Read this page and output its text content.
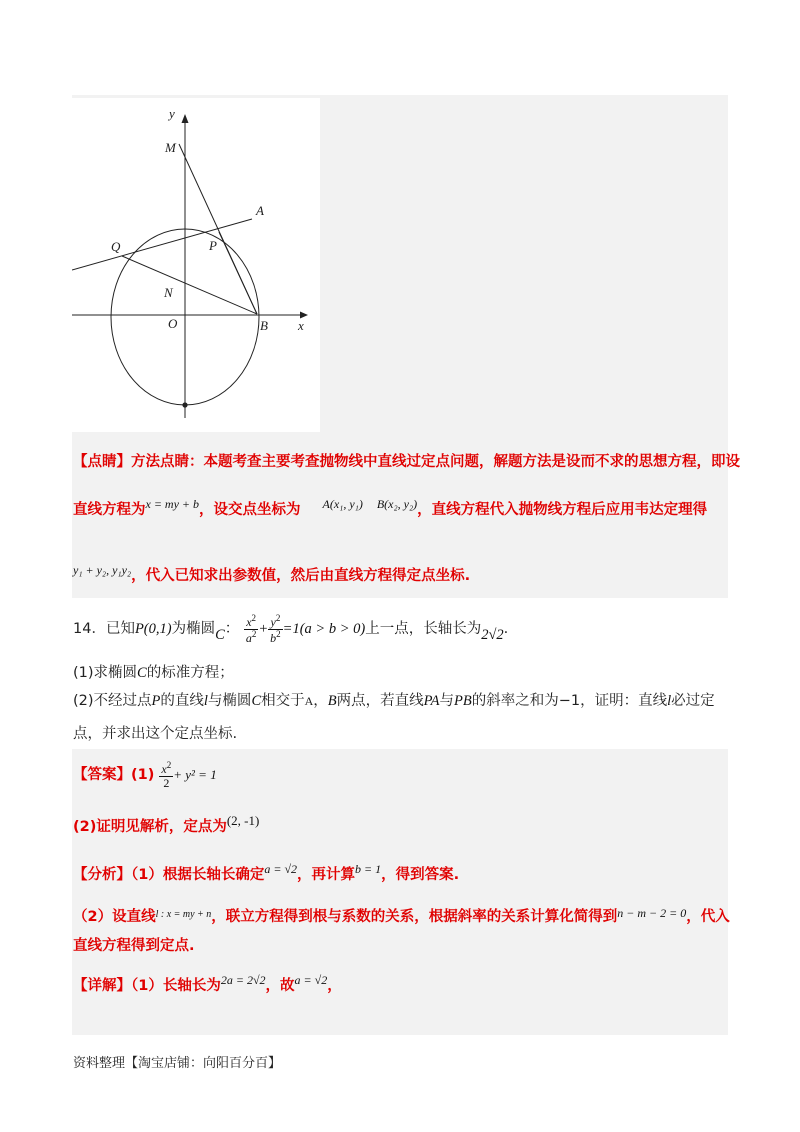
y
x
M
A
Q	P
N
O	B
【点睛】方法点睛：本题考查主要考查抛物线中直线过定点问题，解题方法是设而不求的思想方程，即设
直线方程为$^{x = my + b}$，设交点坐标为 $^{A(x_1, y_1)}$ $^{B(x_2, y_2)}$，直线方程代入抛物线方程后应用韦达定理得
$^{y_1 + y_2, y_1y_2}$，代入已知求出参数值，然后由直线方程得定点坐标.
14．已知P(0,1)为椭圆C： $\frac{x^2}{a^2} + \frac{y^2}{b^2} =1(a > b > 0)$上一点，长轴长为2√2.
(1)求椭圆C的标准方程；
(2)不经过点P的直线l与椭圆C相交于A，B两点，若直线PA与PB的斜率之和为−1，证明：直线l必过定
点，并求出这个定点坐标.
【答案】$(1) \frac{x^2}{2} + y^2 = 1$
(2)证明见解析，定点为(2, -1)
【分析】（1）根据长轴长确定$^{a = √2}$，再计算$^{b = 1}$，得到答案.
（2）设直线$^{l : x = my + n}$，联立方程得到根与系数的关系，根据斜率的关系计算化简得到$^{n - m - 2 = 0}$，代入
直线方程得到定点.
【详解】（1）长轴长为$^{2a = 2√2}$，故$^{a = √2}$，
资料整理【淘宝店铺：向阳百分百】
